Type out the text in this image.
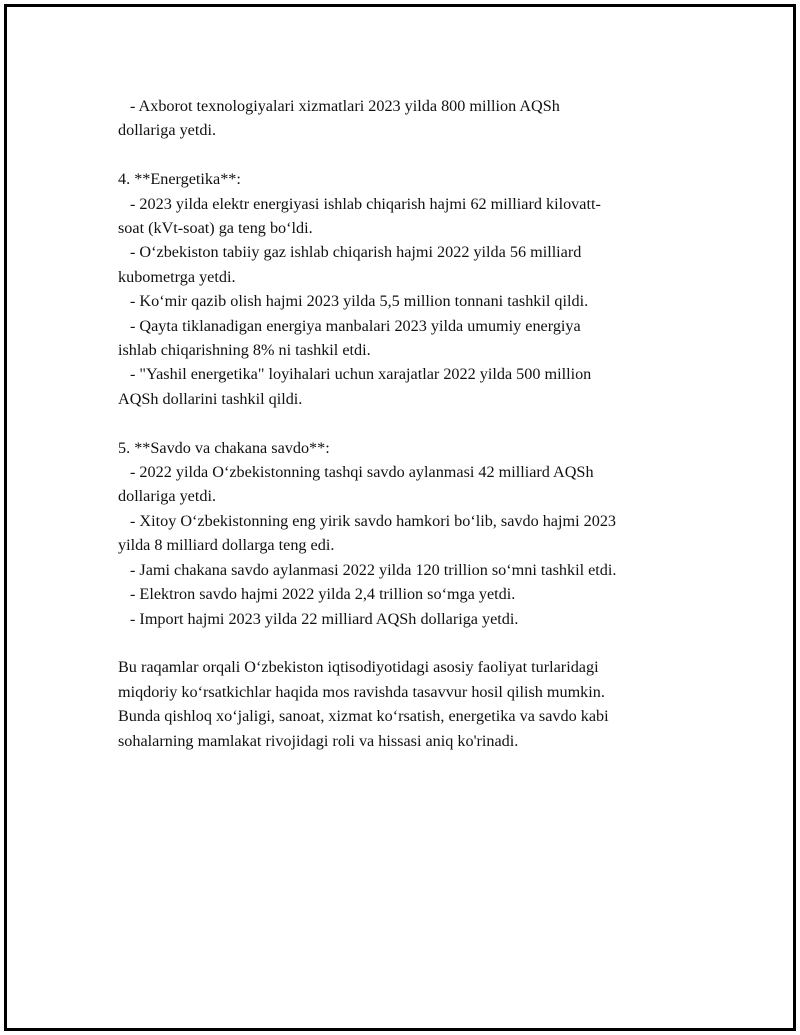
- Axborot texnologiyalari xizmatlari 2023 yilda 800 million AQSh
dollariga yetdi.
4. **Energetika**:
- 2023 yilda elektr energiyasi ishlab chiqarish hajmi 62 milliard kilovatt-
soat (kVt-soat) ga teng bo‘ldi.
- O‘zbekiston tabiiy gaz ishlab chiqarish hajmi 2022 yilda 56 milliard
kubometrga yetdi.
- Ko‘mir qazib olish hajmi 2023 yilda 5,5 million tonnani tashkil qildi.
- Qayta tiklanadigan energiya manbalari 2023 yilda umumiy energiya
ishlab chiqarishning 8% ni tashkil etdi.
- "Yashil energetika" loyihalari uchun xarajatlar 2022 yilda 500 million
AQSh dollarini tashkil qildi.
5. **Savdo va chakana savdo**:
- 2022 yilda O‘zbekistonning tashqi savdo aylanmasi 42 milliard AQSh
dollariga yetdi.
- Xitoy O‘zbekistonning eng yirik savdo hamkori bo‘lib, savdo hajmi 2023
yilda 8 milliard dollarga teng edi.
- Jami chakana savdo aylanmasi 2022 yilda 120 trillion so‘mni tashkil etdi.
- Elektron savdo hajmi 2022 yilda 2,4 trillion so‘mga yetdi.
- Import hajmi 2023 yilda 22 milliard AQSh dollariga yetdi.
Bu raqamlar orqali O‘zbekiston iqtisodiyotidagi asosiy faoliyat turlaridagi
miqdoriy ko‘rsatkichlar haqida mos ravishda tasavvur hosil qilish mumkin.
Bunda qishloq xo‘jaligi, sanoat, xizmat ko‘rsatish, energetika va savdo kabi
sohalarning mamlakat rivojidagi roli va hissasi aniq ko'rinadi.
